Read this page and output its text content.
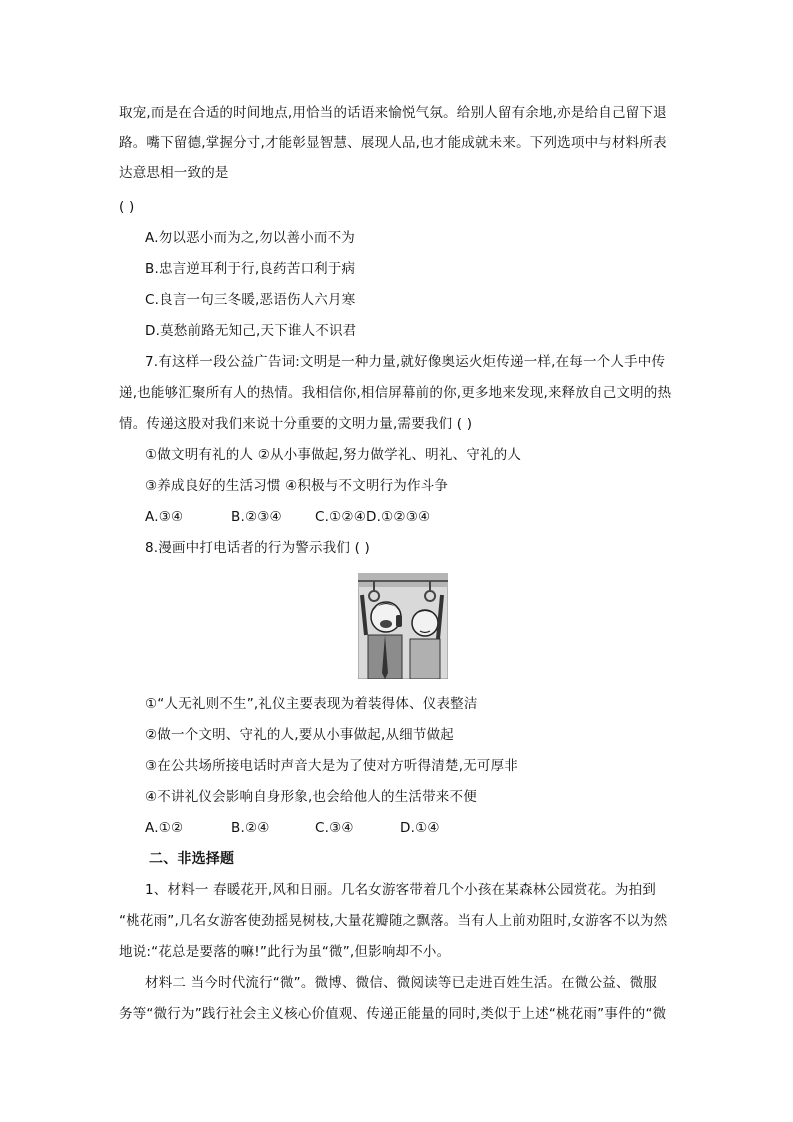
取宠,而是在合适的时间地点,用恰当的话语来愉悦气氛。给别人留有余地,亦是给自己留下退
路。嘴下留德,掌握分寸,才能彰显智慧、展现人品,也才能成就未来。下列选项中与材料所表
达意思相一致的是
( )
A.勿以恶小而为之,勿以善小而不为
B.忠言逆耳利于行,良药苦口利于病
C.良言一句三冬暖,恶语伤人六月寒
D.莫愁前路无知己,天下谁人不识君
7.有这样一段公益广告词:文明是一种力量,就好像奥运火炬传递一样,在每一个人手中传
递,也能够汇聚所有人的热情。我相信你,相信屏幕前的你,更多地来发现,来释放自己文明的热
情。传递这股对我们来说十分重要的文明力量,需要我们 ( )
①做文明有礼的人 ②从小事做起,努力做学礼、明礼、守礼的人
③养成良好的生活习惯 ④积极与不文明行为作斗争
A.③④	B.②③④ C.①②④D.①②③④
8.漫画中打电话者的行为警示我们 ( )
①“人无礼则不生”,礼仪主要表现为着装得体、仪表整洁
②做一个文明、守礼的人,要从小事做起,从细节做起
③在公共场所接电话时声音大是为了使对方听得清楚,无可厚非
④不讲礼仪会影响自身形象,也会给他人的生活带来不便
A.①②	B.②④	C.③④	D.①④
二、非选择题
1、材料一 春暖花开,风和日丽。几名女游客带着几个小孩在某森林公园赏花。为拍到
“桃花雨”,几名女游客使劲摇晃树枝,大量花瓣随之飘落。当有人上前劝阻时,女游客不以为然
地说:“花总是要落的嘛!”此行为虽“微”,但影响却不小。
材料二 当今时代流行“微”。微博、微信、微阅读等已走进百姓生活。在微公益、微服
务等“微行为”践行社会主义核心价值观、传递正能量的同时,类似于上述“桃花雨”事件的“微
